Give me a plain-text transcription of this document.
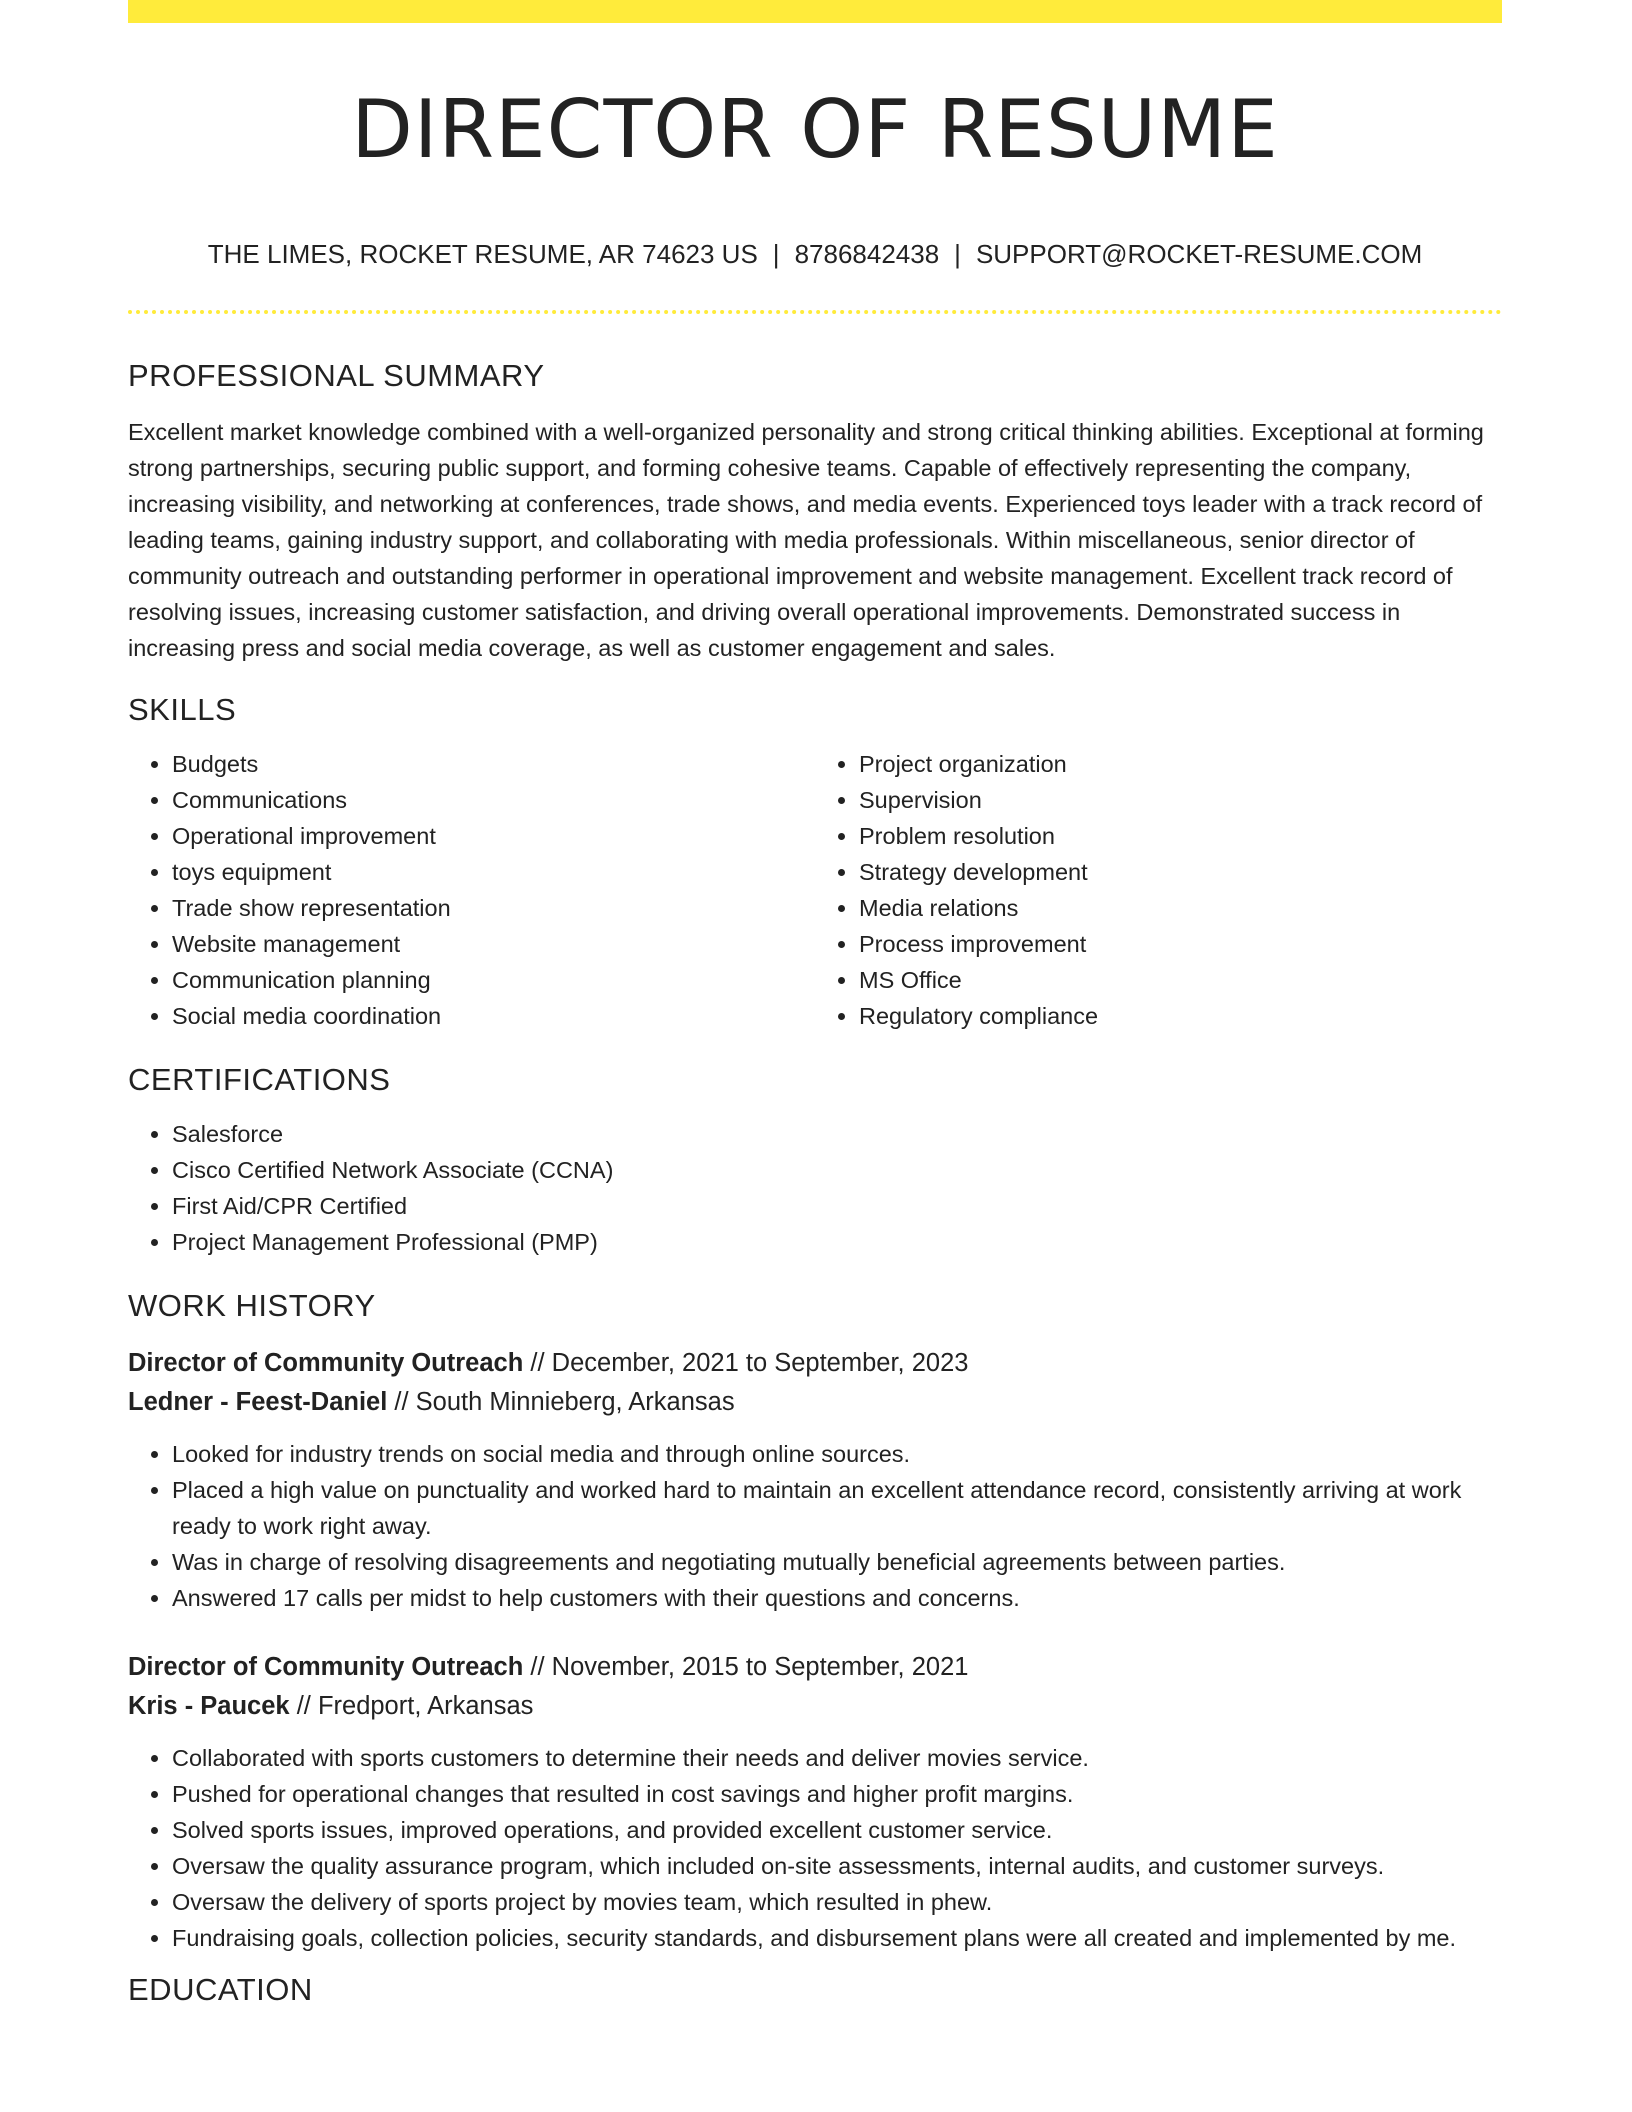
DIRECTOR OF RESUME
THE LIMES, ROCKET RESUME, AR 74623 US | 8786842438 | SUPPORT@ROCKET-RESUME.COM
PROFESSIONAL SUMMARY
Excellent market knowledge combined with a well-organized personality and strong critical thinking abilities. Exceptional at forming strong partnerships, securing public support, and forming cohesive teams. Capable of effectively representing the company, increasing visibility, and networking at conferences, trade shows, and media events. Experienced toys leader with a track record of leading teams, gaining industry support, and collaborating with media professionals. Within miscellaneous, senior director of community outreach and outstanding performer in operational improvement and website management. Excellent track record of resolving issues, increasing customer satisfaction, and driving overall operational improvements. Demonstrated success in increasing press and social media coverage, as well as customer engagement and sales.
SKILLS
• Budgets
• Communications
• Operational improvement
• toys equipment
• Trade show representation
• Website management
• Communication planning
• Social media coordination
• Project organization
• Supervision
• Problem resolution
• Strategy development
• Media relations
• Process improvement
• MS Office
• Regulatory compliance
CERTIFICATIONS
• Salesforce
• Cisco Certified Network Associate (CCNA)
• First Aid/CPR Certified
• Project Management Professional (PMP)
WORK HISTORY
Director of Community Outreach // December, 2021 to September, 2023
Ledner - Feest-Daniel // South Minnieberg, Arkansas
• Looked for industry trends on social media and through online sources.
• Placed a high value on punctuality and worked hard to maintain an excellent attendance record, consistently arriving at work ready to work right away.
• Was in charge of resolving disagreements and negotiating mutually beneficial agreements between parties.
• Answered 17 calls per midst to help customers with their questions and concerns.
Director of Community Outreach // November, 2015 to September, 2021
Kris - Paucek // Fredport, Arkansas
• Collaborated with sports customers to determine their needs and deliver movies service.
• Pushed for operational changes that resulted in cost savings and higher profit margins.
• Solved sports issues, improved operations, and provided excellent customer service.
• Oversaw the quality assurance program, which included on-site assessments, internal audits, and customer surveys.
• Oversaw the delivery of sports project by movies team, which resulted in phew.
• Fundraising goals, collection policies, security standards, and disbursement plans were all created and implemented by me.
EDUCATION
